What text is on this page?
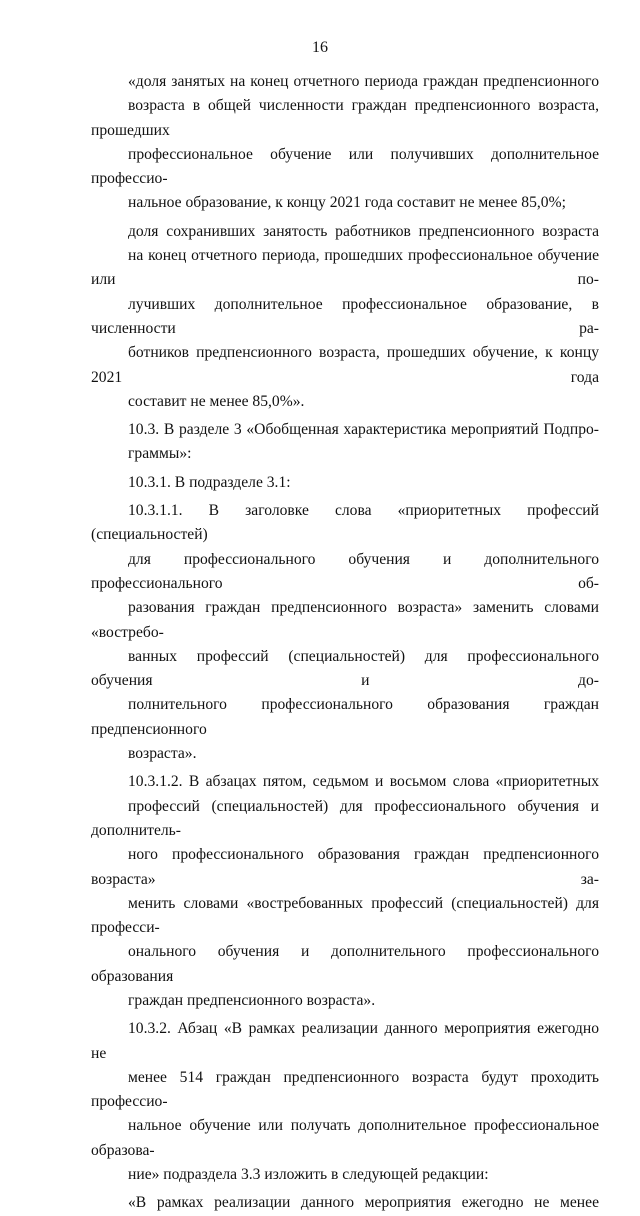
16

«доля занятых на конец отчетного периода граждан предпенсионного
возраста в общей численности граждан предпенсионного возраста, прошедших
профессиональное обучение или получивших дополнительное профессио-
нальное образование, к концу 2021 года составит не менее 85,0%;

доля сохранивших занятость работников предпенсионного возраста
на конец отчетного периода, прошедших профессиональное обучение или по-
лучивших дополнительное профессиональное образование, в численности ра-
ботников предпенсионного возраста, прошедших обучение, к концу 2021 года
составит не менее 85,0%».

10.3. В разделе 3 «Обобщенная характеристика мероприятий Подпро-
граммы»:

10.3.1. В подразделе 3.1:

10.3.1.1. В заголовке слова «приоритетных профессий (специальностей)
для профессионального обучения и дополнительного профессионального об-
разования граждан предпенсионного возраста» заменить словами «востребо-
ванных профессий (специальностей) для профессионального обучения и до-
полнительного профессионального образования граждан предпенсионного
возраста».

10.3.1.2. В абзацах пятом, седьмом и восьмом слова «приоритетных
профессий (специальностей) для профессионального обучения и дополнитель-
ного профессионального образования граждан предпенсионного возраста» за-
менить словами «востребованных профессий (специальностей) для професси-
онального обучения и дополнительного профессионального образования
граждан предпенсионного возраста».

10.3.2. Абзац «В рамках реализации данного мероприятия ежегодно не
менее 514 граждан предпенсионного возраста будут проходить профессио-
нальное обучение или получать дополнительное профессиональное образова-
ние» подраздела 3.3 изложить в следующей редакции:

«В рамках реализации данного мероприятия ежегодно не менее
